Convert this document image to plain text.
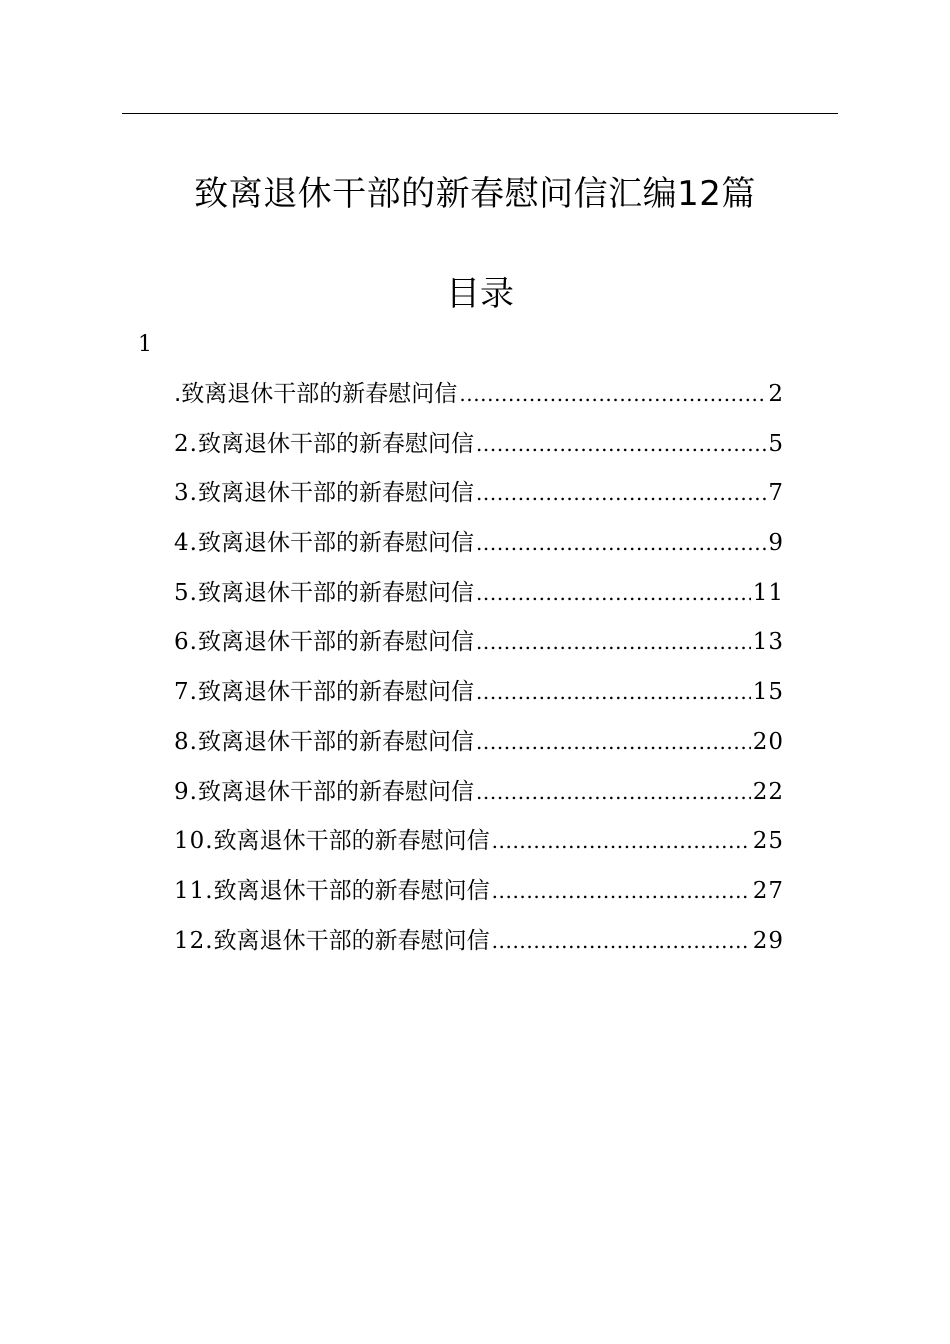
致离退休干部的新春慰问信汇编12篇
目录
1
.致离退休干部的新春慰问信 .....	2
2. 致离退休干部的新春慰问信 .....	5
3. 致离退休干部的新春慰问信 .....	7
4. 致离退休干部的新春慰问信 .....	9
5. 致离退休干部的新春慰问信 .....	11
6. 致离退休干部的新春慰问信 .....	13
7. 致离退休干部的新春慰问信 .....	15
8. 致离退休干部的新春慰问信 .....	20
9. 致离退休干部的新春慰问信 .....	22
10. 致离退休干部的新春慰问信 .....	25
11. 致离退休干部的新春慰问信 .....	27
12. 致离退休干部的新春慰问信 .....	29
